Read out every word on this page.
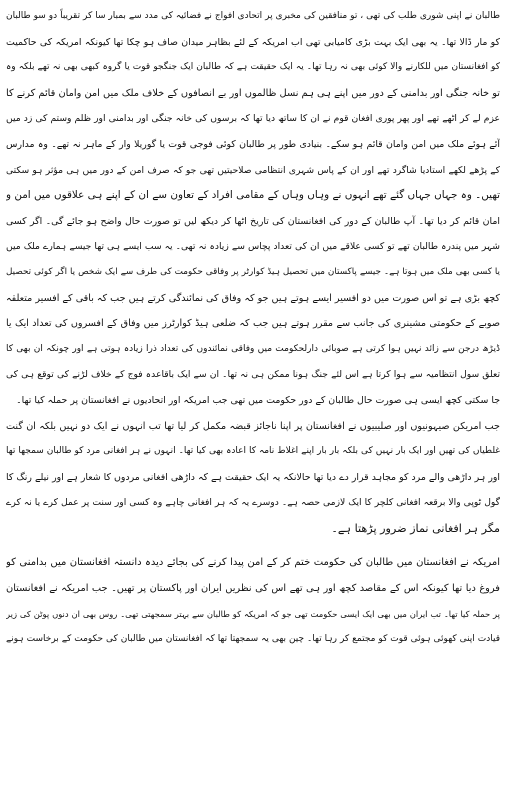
طالبان نے اپنی شوری طلب کی تھی ، تو منافقین کی مخبری پر اتحادی افواج نے فضائیہ کی مدد سے بمبار سا کر تقریباً دو سو طالبان
کو مار ڈالا تھا۔ یہ بھی ایک بہت بڑی کامیابی تھی اب امریکہ کے لئے بظاہر میدان صاف ہو چکا تھا کیونکہ امریکہ کی حاکمیت
کو افغانستان میں للکارنے والا کوئی بھی نہ رہا تھا۔ یہ ایک حقیقت ہے کہ طالبان ایک جنگجو قوت یا گروہ کبھی بھی نہ تھے بلکہ وہ
تو خانہ جنگی اور بدامنی کے دور میں اپنے ہی ہم نسل ظالموں اور بے انصافوں کے خلاف ملک میں امن وامان قائم کرنے کا
عزم لے کر اٹھے تھے اور پھر پوری افغان قوم نے ان کا ساتھ دیا تھا کہ برسوں کی خانہ جنگی اور بدامنی اور ظلم وستم کی زد میں
آئے ہوئے ملک میں امن وامان قائم ہو سکے۔ بنیادی طور پر طالبان کوئی فوجی قوت یا گوریلا وار کے ماہر نہ تھے۔ وہ مدارس
کے پڑھے لکھے استادیا شاگرد تھے اور ان کے پاس شہری انتظامی صلاحیتیں تھی جو کہ صرف امن کے دور میں ہی مؤثر ہو سکتی
تھیں۔ وہ جہاں جہاں گئے تھے انہوں نے وہاں وہاں کے مقامی افراد کے تعاون سے ان کے اپنے ہی علاقوں میں امن و
امان قائم کر دیا تھا۔ آپ طالبان کے دور کی افغانستان کی تاریخ اٹھا کر دیکھ لیں تو صورت حال واضح ہو جائے گی۔ اگر کسی
شہر میں پندرہ طالبان تھے تو کسی علاقے میں ان کی تعداد پچاس سے زیادہ نہ تھی۔ یہ سب ایسے ہی تھا جیسے ہمارے ملک میں
یا کسی بھی ملک میں ہوتا ہے۔ جیسے پاکستان میں تحصیل ہیڈ کوارٹر پر وفاقی حکومت کی طرف سے ایک شخص یا اگر کوئی تحصیل
کچھ بڑی ہے تو اس صورت میں دو افسیر ایسے ہوتے ہیں جو کہ وفاق کی نمائندگی کرتے ہیں جب کہ باقی کے افسیر متعلقہ
صوبے کے حکومتی مشینری کی جانب سے مقرر ہوتے ہیں جب کہ ضلعی ہیڈ کوارٹرز میں وفاق کے افسروں کی تعداد ایک یا
ڈیڑھ درجن سے زائد نہیں ہوا کرتی ہے صوبائی دارلحکومت میں وفاقی نمائندوں کی تعداد ذرا زیادہ ہوتی ہے اور چونکہ ان بھی کا
تعلق سول انتظامیہ سے ہوا کرتا ہے اس لئے جنگ ہونا ممکن ہی نہ تھا۔ ان سے ایک باقاعدہ فوج کے خلاف لڑنے کی توقع ہی کی
جا سکتی کچھ ایسی ہی صورت حال طالبان کے دور حکومت میں تھی جب امریکہ اور اتحادیوں نے افغانستان پر حملہ کیا تھا۔
جب امریکن صیہونیوں اور صلیبیوں نے افغانستان پر اپنا ناجائز قبضہ مکمل کر لیا تھا تب انہوں نے ایک دو نہیں بلکہ ان گنت
غلطیاں کی تھیں اور ایک بار نہیں کی بلکہ بار بار اپنے اغلاط نامہ کا اعادہ بھی کیا تھا۔ انہوں نے ہر افغانی مرد کو طالبان سمجھا تھا
اور ہر داڑھی والے مرد کو مجاہد قرار دے دیا تھا حالانکہ یہ ایک حقیقت ہے کہ داڑھی افغانی مردوں کا شعار ہے اور نیلے رنگ کا
گول ٹوپی والا برقعہ افغانی کلچر کا ایک لازمی حصہ ہے۔ دوسرے یہ کہ ہر افغانی چاہے وہ کسی اور سنت پر عمل کرے یا نہ کرے
مگر ہر افغانی نماز ضرور پڑھتا ہے۔
امریکہ نے افغانستان میں طالبان کی حکومت ختم کر کے امن پیدا کرنے کی بجائے دیدہ دانستہ افغانستان میں بدامنی کو
فروغ دیا تھا کیونکہ اس کے مقاصد کچھ اور ہی تھے اس کی نظریں ایران اور پاکستان پر تھیں۔ جب امریکہ نے افغانستان
پر حملہ کیا تھا۔ تب ایران میں بھی ایک ایسی حکومت تھی جو کہ امریکہ کو طالبان سے بہتر سمجھتی تھی۔ روس بھی ان دنوں پوٹن کی زیر
قیادت اپنی کھوئی ہوئی قوت کو مجتمع کر رہا تھا۔ چین بھی یہ سمجھتا تھا کہ افغانستان میں طالبان کی حکومت کے برخاست ہونے
